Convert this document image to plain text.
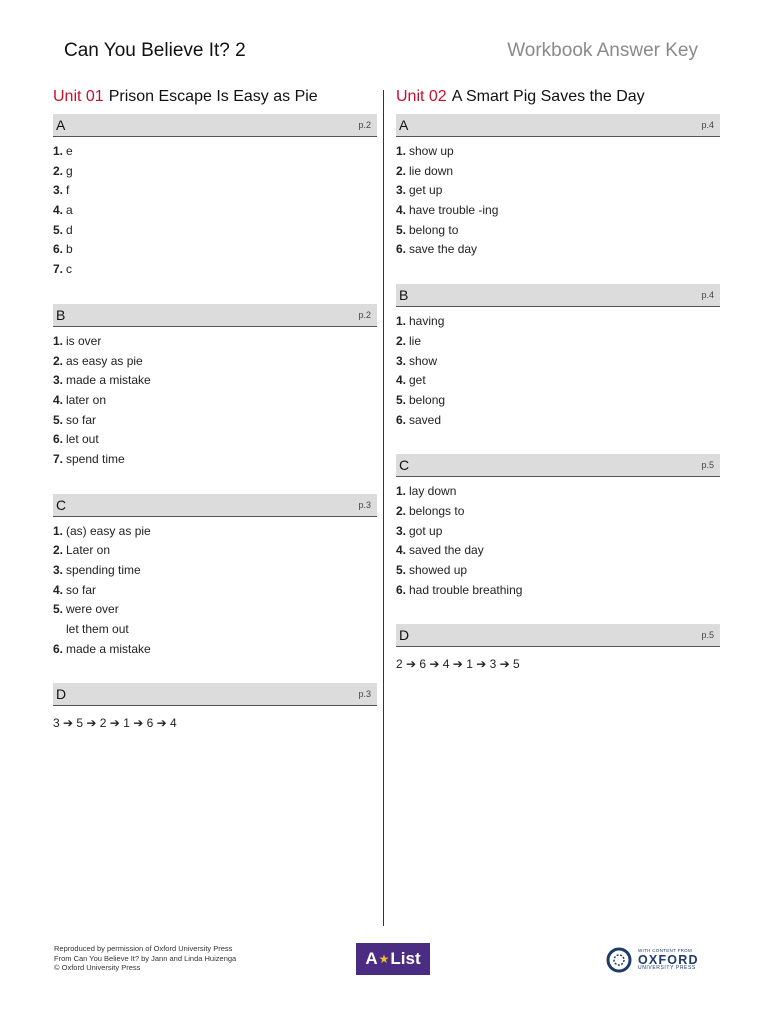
Can You Believe It? 2	Workbook Answer Key
Unit 01 Prison Escape Is Easy as Pie
A	p.2
1. e
2. g
3. f
4. a
5. d
6. b
7. c
B	p.2
1. is over
2. as easy as pie
3. made a mistake
4. later on
5. so far
6. let out
7. spend time
C	p.3
1. (as) easy as pie
2. Later on
3. spending time
4. so far
5. were over
let them out
6. made a mistake
D	p.3
3 ➔ 5 ➔ 2 ➔ 1 ➔ 6 ➔ 4
Unit 02 A Smart Pig Saves the Day
A	p.4
1. show up
2. lie down
3. get up
4. have trouble -ing
5. belong to
6. save the day
B	p.4
1. having
2. lie
3. show
4. get
5. belong
6. saved
C	p.5
1. lay down
2. belongs to
3. got up
4. saved the day
5. showed up
6. had trouble breathing
D	p.5
2 ➔ 6 ➔ 4 ➔ 1 ➔ 3 ➔ 5
Reproduced by permission of Oxford University Press
From Can You Believe It? by Jann and Linda Huizenga
© Oxford University Press	A ★ List	WITH CONTENT FROM
OXFORD
UNIVERSITY PRESS
